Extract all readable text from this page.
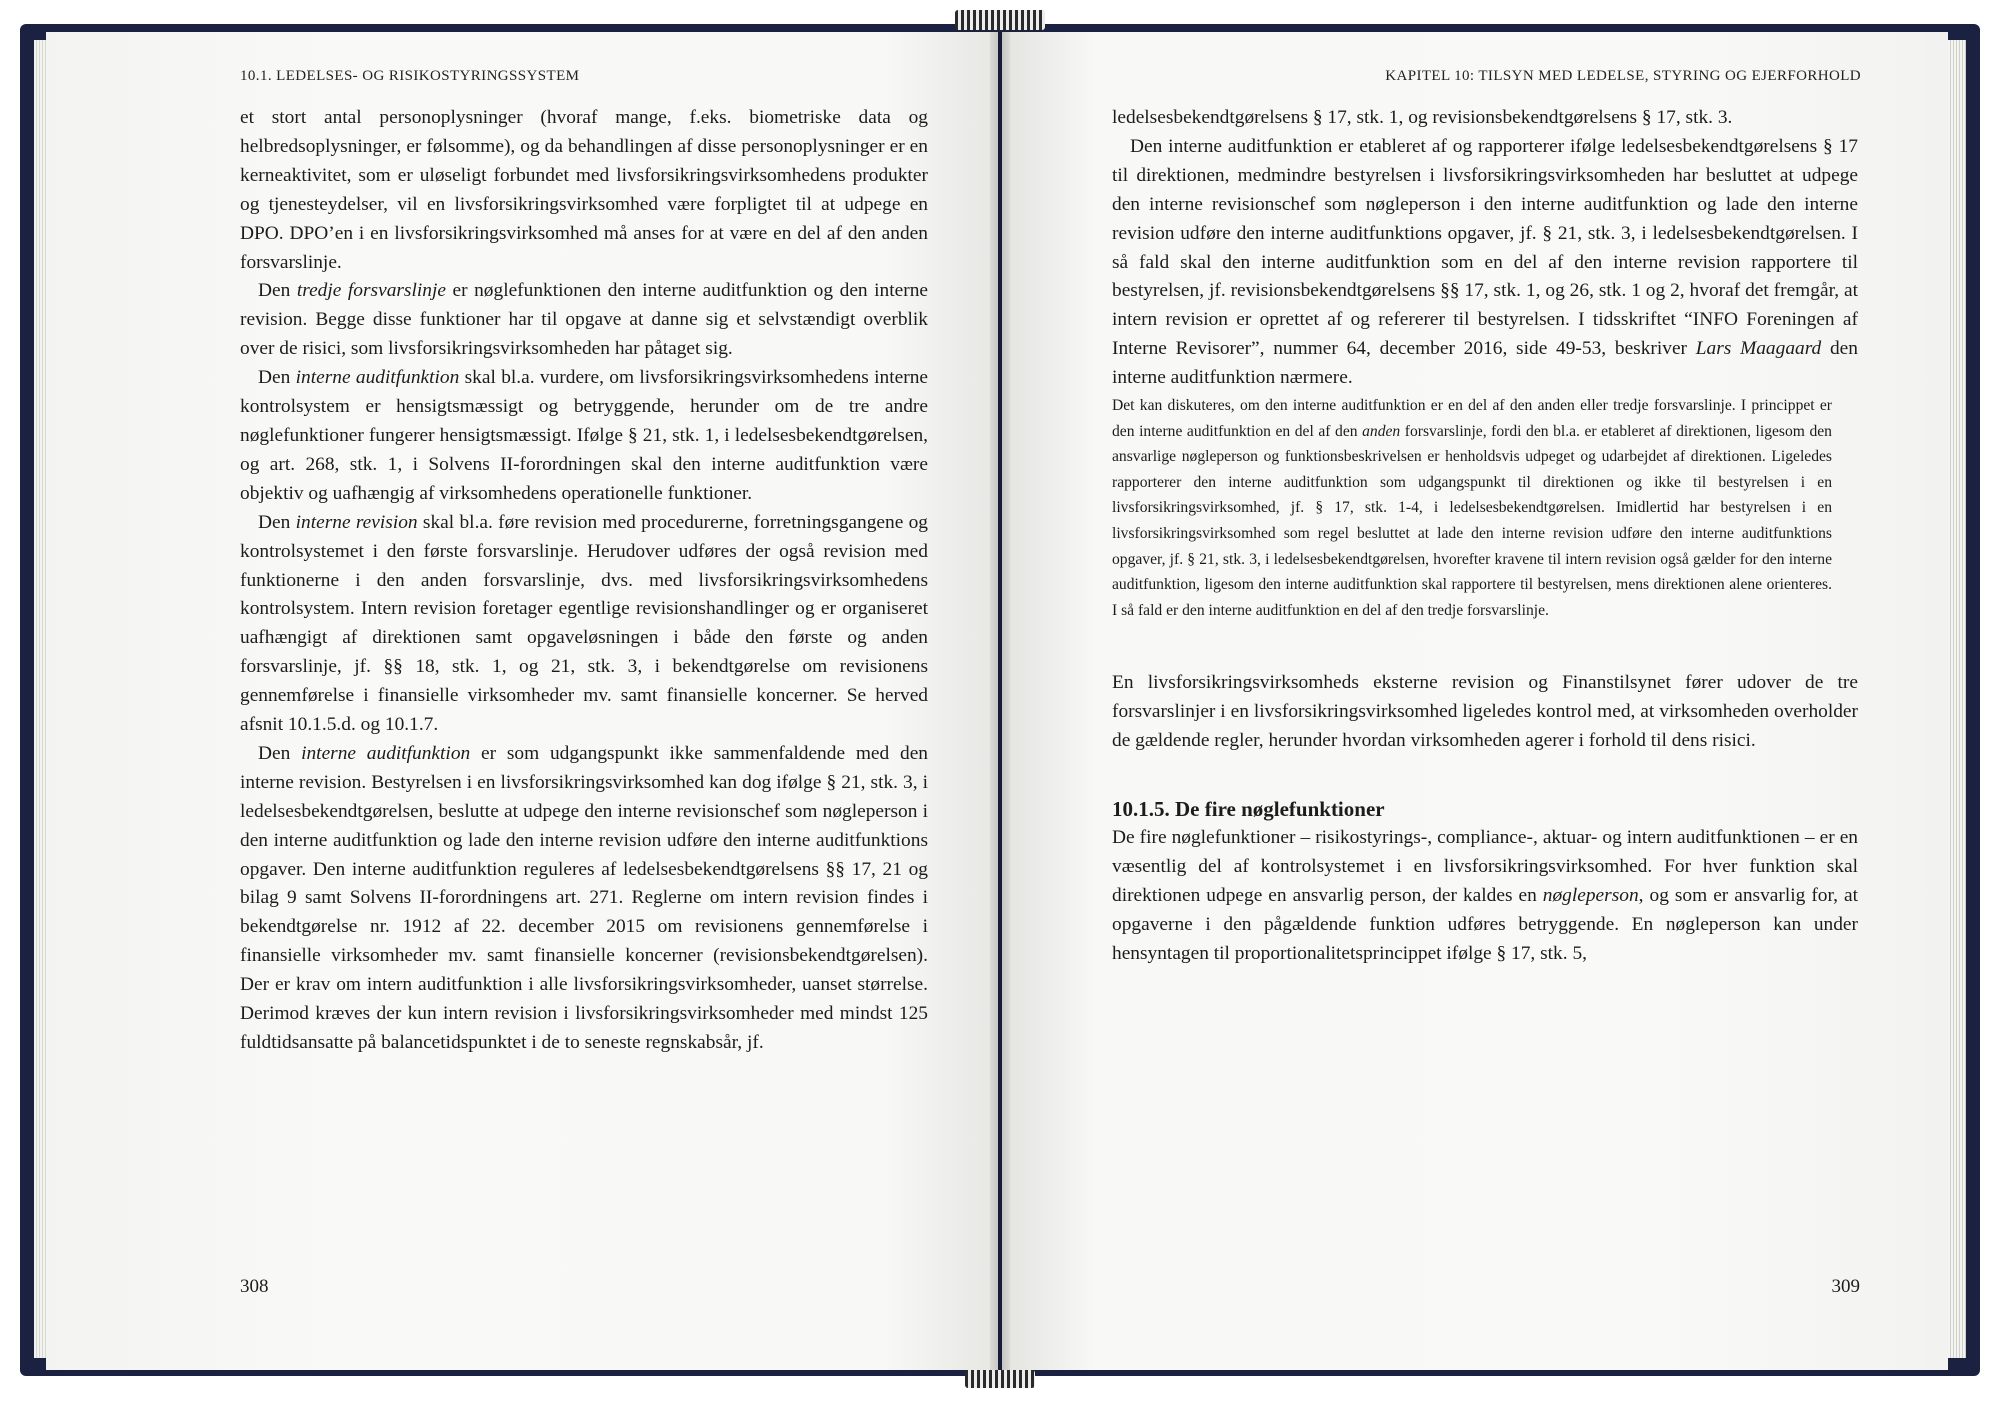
10.1. LEDELSES- OG RISIKOSTYRINGSSYSTEM

et stort antal personoplysninger (hvoraf mange, f.eks. biometriske data og helbredsoplysninger, er følsomme), og da behandlingen af disse personoplysninger er en kerneaktivitet, som er uløseligt forbundet med livsforsikringsvirksomhedens produkter og tjenesteydelser, vil en livsforsikringsvirksomhed være forpligtet til at udpege en DPO. DPO’en i en livsforsikringsvirksomhed må anses for at være en del af den anden forsvarslinje.

Den tredje forsvarslinje er nøglefunktionen den interne auditfunktion og den interne revision. Begge disse funktioner har til opgave at danne sig et selvstændigt overblik over de risici, som livsforsikringsvirksomheden har påtaget sig.

Den interne auditfunktion skal bl.a. vurdere, om livsforsikringsvirksomhedens interne kontrolsystem er hensigtsmæssigt og betryggende, herunder om de tre andre nøglefunktioner fungerer hensigtsmæssigt. Ifølge § 21, stk. 1, i ledelsesbekendtgørelsen, og art. 268, stk. 1, i Solvens II-forordningen skal den interne auditfunktion være objektiv og uafhængig af virksomhedens operationelle funktioner.

Den interne revision skal bl.a. føre revision med procedurerne, forretningsgangene og kontrolsystemet i den første forsvarslinje. Herudover udføres der også revision med funktionerne i den anden forsvarslinje, dvs. med livsforsikringsvirksomhedens kontrolsystem. Intern revision foretager egentlige revisionshandlinger og er organiseret uafhængigt af direktionen samt opgaveløsningen i både den første og anden forsvarslinje, jf. §§ 18, stk. 1, og 21, stk. 3, i bekendtgørelse om revisionens gennemførelse i finansielle virksomheder mv. samt finansielle koncerner. Se herved afsnit 10.1.5.d. og 10.1.7.

Den interne auditfunktion er som udgangspunkt ikke sammenfaldende med den interne revision. Bestyrelsen i en livsforsikringsvirksomhed kan dog ifølge § 21, stk. 3, i ledelsesbekendtgørelsen, beslutte at udpege den interne revisionschef som nøgleperson i den interne auditfunktion og lade den interne revision udføre den interne auditfunktions opgaver. Den interne auditfunktion reguleres af ledelsesbekendtgørelsens §§ 17, 21 og bilag 9 samt Solvens II-forordningens art. 271. Reglerne om intern revision findes i bekendtgørelse nr. 1912 af 22. december 2015 om revisionens gennemførelse i finansielle virksomheder mv. samt finansielle koncerner (revisionsbekendtgørelsen). Der er krav om intern auditfunktion i alle livsforsikringsvirksomheder, uanset størrelse. Derimod kræves der kun intern revision i livsforsikringsvirksomheder med mindst 125 fuldtidsansatte på balancetidspunktet i de to seneste regnskabsår, jf.

308
KAPITEL 10: TILSYN MED LEDELSE, STYRING OG EJERFORHOLD

ledelsesbekendtgørelsens § 17, stk. 1, og revisionsbekendtgørelsens § 17, stk. 3.

Den interne auditfunktion er etableret af og rapporterer ifølge ledelsesbekendtgørelsens § 17 til direktionen, medmindre bestyrelsen i livsforsikringsvirksomheden har besluttet at udpege den interne revisionschef som nøgleperson i den interne auditfunktion og lade den interne revision udføre den interne auditfunktions opgaver, jf. § 21, stk. 3, i ledelsesbekendtgørelsen. I så fald skal den interne auditfunktion som en del af den interne revision rapportere til bestyrelsen, jf. revisionsbekendtgørelsens §§ 17, stk. 1, og 26, stk. 1 og 2, hvoraf det fremgår, at intern revision er oprettet af og refererer til bestyrelsen. I tidsskriftet “INFO Foreningen af Interne Revisorer”, nummer 64, december 2016, side 49-53, beskriver Lars Maagaard den interne auditfunktion nærmere.

Det kan diskuteres, om den interne auditfunktion er en del af den anden eller tredje forsvarslinje. I princippet er den interne auditfunktion en del af den anden forsvarslinje, fordi den bl.a. er etableret af direktionen, ligesom den ansvarlige nøgleperson og funktionsbeskrivelsen er henholdsvis udpeget og udarbejdet af direktionen. Ligeledes rapporterer den interne auditfunktion som udgangspunkt til direktionen og ikke til bestyrelsen i en livsforsikringsvirksomhed, jf. § 17, stk. 1-4, i ledelsesbekendtgørelsen. Imidlertid har bestyrelsen i en livsforsikringsvirksomhed som regel besluttet at lade den interne revision udføre den interne auditfunktions opgaver, jf. § 21, stk. 3, i ledelsesbekendtgørelsen, hvorefter kravene til intern revision også gælder for den interne auditfunktion, ligesom den interne auditfunktion skal rapportere til bestyrelsen, mens direktionen alene orienteres. I så fald er den interne auditfunktion en del af den tredje forsvarslinje.

En livsforsikringsvirksomheds eksterne revision og Finanstilsynet fører udover de tre forsvarslinjer i en livsforsikringsvirksomhed ligeledes kontrol med, at virksomheden overholder de gældende regler, herunder hvordan virksomheden agerer i forhold til dens risici.

10.1.5. De fire nøglefunktioner

De fire nøglefunktioner – risikostyrings-, compliance-, aktuar- og intern auditfunktionen – er en væsentlig del af kontrolsystemet i en livsforsikringsvirksomhed. For hver funktion skal direktionen udpege en ansvarlig person, der kaldes en nøgleperson, og som er ansvarlig for, at opgaverne i den pågældende funktion udføres betryggende. En nøgleperson kan under hensyntagen til proportionalitetsprincippet ifølge § 17, stk. 5,

309
